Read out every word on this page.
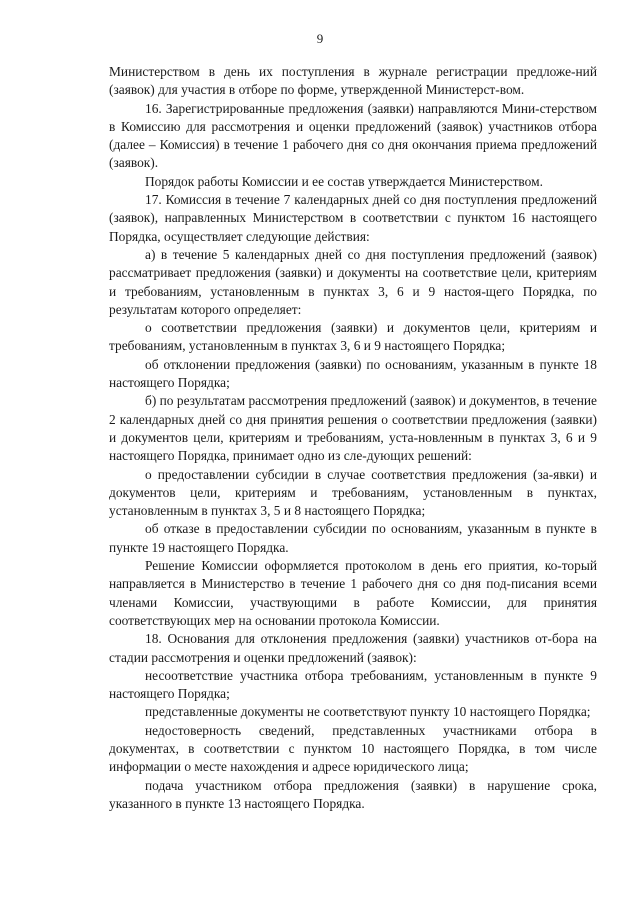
9

Министерством в день их поступления в журнале регистрации предложе-ний (заявок) для участия в отборе по форме, утвержденной Министерст-вом.

16. Зарегистрированные предложения (заявки) направляются Мини-стерством в Комиссию для рассмотрения и оценки предложений (заявок) участников отбора (далее – Комиссия) в течение 1 рабочего дня со дня окончания приема предложений (заявок).

Порядок работы Комиссии и ее состав утверждается Министерством.

17. Комиссия в течение 7 календарных дней со дня поступления предложений (заявок), направленных Министерством в соответствии с пунктом 16 настоящего Порядка, осуществляет следующие действия:

а) в течение 5 календарных дней со дня поступления предложений (заявок) рассматривает предложения (заявки) и документы на соответствие цели, критериям и требованиям, установленным в пунктах 3, 6 и 9 настоя-щего Порядка, по результатам которого определяет:

о соответствии предложения (заявки) и документов цели, критериям и требованиям, установленным в пунктах 3, 6 и 9 настоящего Порядка;

об отклонении предложения (заявки) по основаниям, указанным в пункте 18 настоящего Порядка;

б) по результатам рассмотрения предложений (заявок) и документов, в течение 2 календарных дней со дня принятия решения о соответствии предложения (заявки) и документов цели, критериям и требованиям, уста-новленным в пунктах 3, 6 и 9 настоящего Порядка, принимает одно из сле-дующих решений:

о предоставлении субсидии в случае соответствия предложения (за-явки) и документов цели, критериям и требованиям, установленным в пунктах, установленным в пунктах 3, 5 и 8 настоящего Порядка;

об отказе в предоставлении субсидии по основаниям, указанным в пункте в пункте 19 настоящего Порядка.

Решение Комиссии оформляется протоколом в день его приятия, ко-торый направляется в Министерство в течение 1 рабочего дня со дня под-писания всеми членами Комиссии, участвующими в работе Комиссии, для принятия соответствующих мер на основании протокола Комиссии.

18. Основания для отклонения предложения (заявки) участников от-бора на стадии рассмотрения и оценки предложений (заявок):

несоответствие участника отбора требованиям, установленным в пункте 9 настоящего Порядка;

представленные документы не соответствуют пункту 10 настоящего Порядка;

недостоверность сведений, представленных участниками отбора в документах, в соответствии с пунктом 10 настоящего Порядка, в том числе информации о месте нахождения и адресе юридического лица;

подача участником отбора предложения (заявки) в нарушение срока, указанного в пункте 13 настоящего Порядка.
